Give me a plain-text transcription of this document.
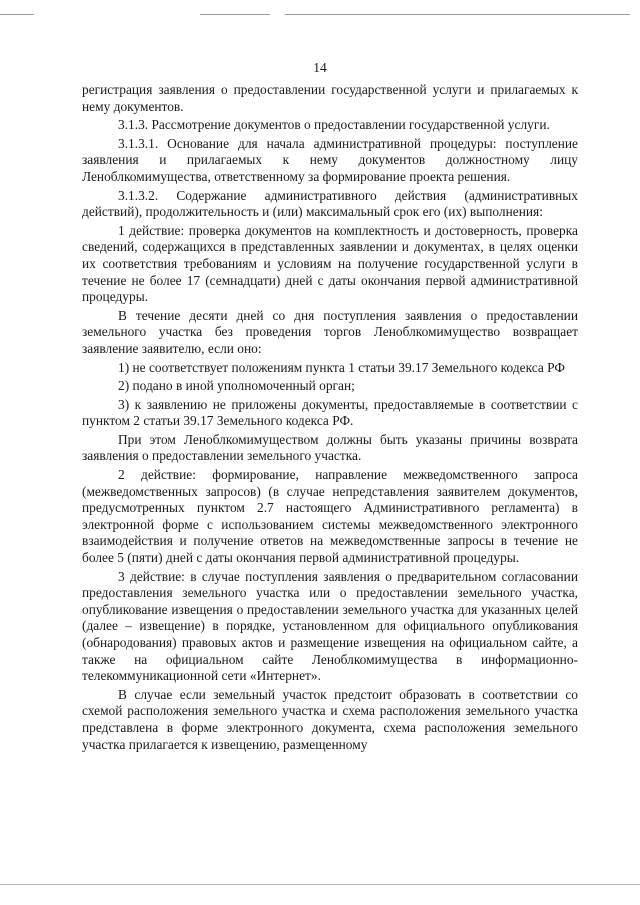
14

регистрация заявления о предоставлении государственной услуги и прилагаемых к нему документов.

3.1.3. Рассмотрение документов о предоставлении государственной услуги.

3.1.3.1. Основание для начала административной процедуры: поступление заявления и прилагаемых к нему документов должностному лицу Леноблкомимущества, ответственному за формирование проекта решения.

3.1.3.2. Содержание административного действия (административных действий), продолжительность и (или) максимальный срок его (их) выполнения:

1 действие: проверка документов на комплектность и достоверность, проверка сведений, содержащихся в представленных заявлении и документах, в целях оценки их соответствия требованиям и условиям на получение государственной услуги в течение не более 17 (семнадцати) дней с даты окончания первой административной процедуры.

В течение десяти дней со дня поступления заявления о предоставлении земельного участка без проведения торгов Леноблкомимущество возвращает заявление заявителю, если оно:

1) не соответствует положениям пункта 1 статьи 39.17 Земельного кодекса РФ

2) подано в иной уполномоченный орган;

3) к заявлению не приложены документы, предоставляемые в соответствии с пунктом 2 статьи 39.17 Земельного кодекса РФ.

При этом Леноблкомимуществом должны быть указаны причины возврата заявления о предоставлении земельного участка.

2 действие: формирование, направление межведомственного запроса (межведомственных запросов) (в случае непредставления заявителем документов, предусмотренных пунктом 2.7 настоящего Административного регламента) в электронной форме с использованием системы межведомственного электронного взаимодействия и получение ответов на межведомственные запросы в течение не более 5 (пяти) дней с даты окончания первой административной процедуры.

3 действие: в случае поступления заявления о предварительном согласовании предоставления земельного участка или о предоставлении земельного участка, опубликование извещения о предоставлении земельного участка для указанных целей (далее – извещение) в порядке, установленном для официального опубликования (обнародования) правовых актов и размещение извещения на официальном сайте, а также на официальном сайте Леноблкомимущества в информационно-телекоммуникационной сети «Интернет».

В случае если земельный участок предстоит образовать в соответствии со схемой расположения земельного участка и схема расположения земельного участка представлена в форме электронного документа, схема расположения земельного участка прилагается к извещению, размещенному
